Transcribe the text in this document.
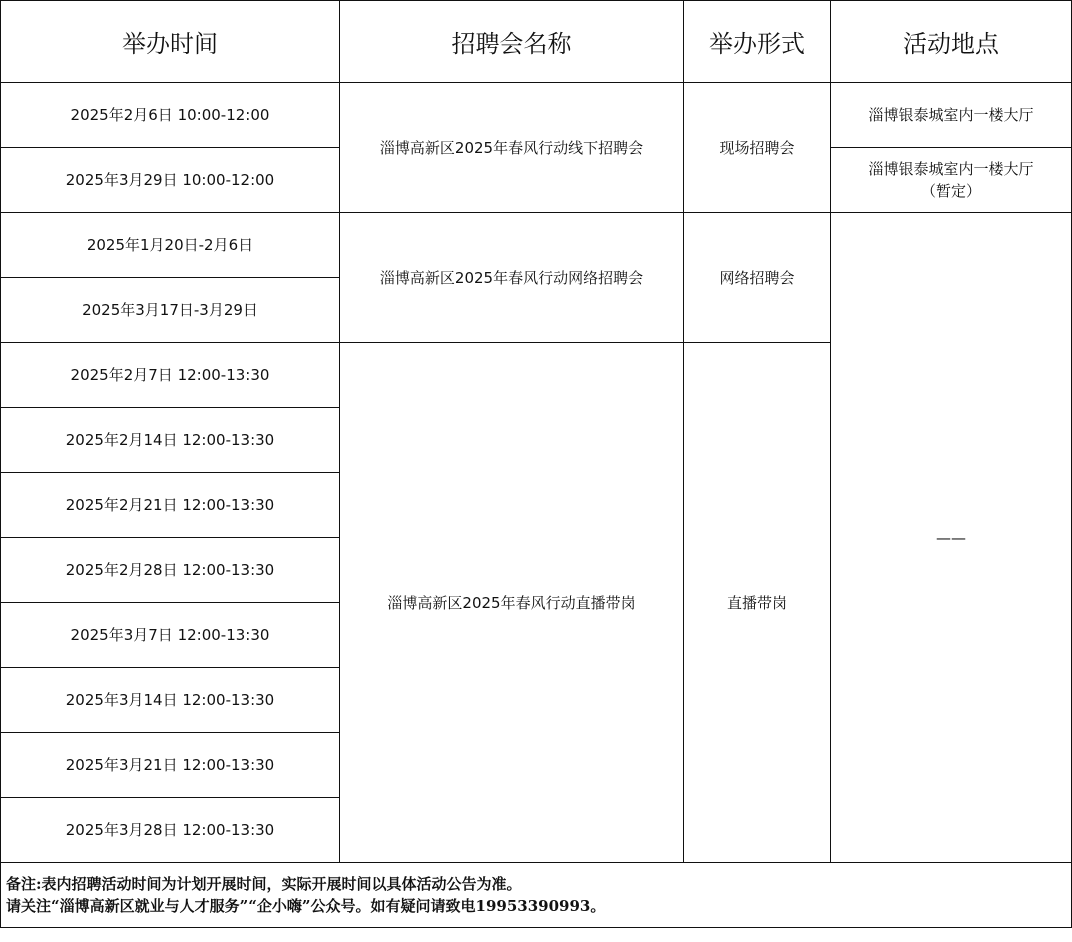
举办时间	招聘会名称	举办形式	活动地点
2025年2月6日 10:00-12:00	淄博高新区2025年春风行动线下招聘会	现场招聘会	淄博银泰城室内一楼大厅
2025年3月29日 10:00-12:00			淄博银泰城室内一楼大厅
（暂定）
2025年1月20日-2月6日	淄博高新区2025年春风行动网络招聘会	网络招聘会	——
2025年3月17日-3月29日			
2025年2月7日 12:00-13:30	淄博高新区2025年春风行动直播带岗	直播带岗	
2025年2月14日 12:00-13:30			
2025年2月21日 12:00-13:30			
2025年2月28日 12:00-13:30			
2025年3月7日 12:00-13:30			
2025年3月14日 12:00-13:30			
2025年3月21日 12:00-13:30			
2025年3月28日 12:00-13:30			

备注:表内招聘活动时间为计划开展时间，实际开展时间以具体活动公告为准。
请关注“淄博高新区就业与人才服务”“企小嗨”公众号。如有疑问请致电19953390993。			
